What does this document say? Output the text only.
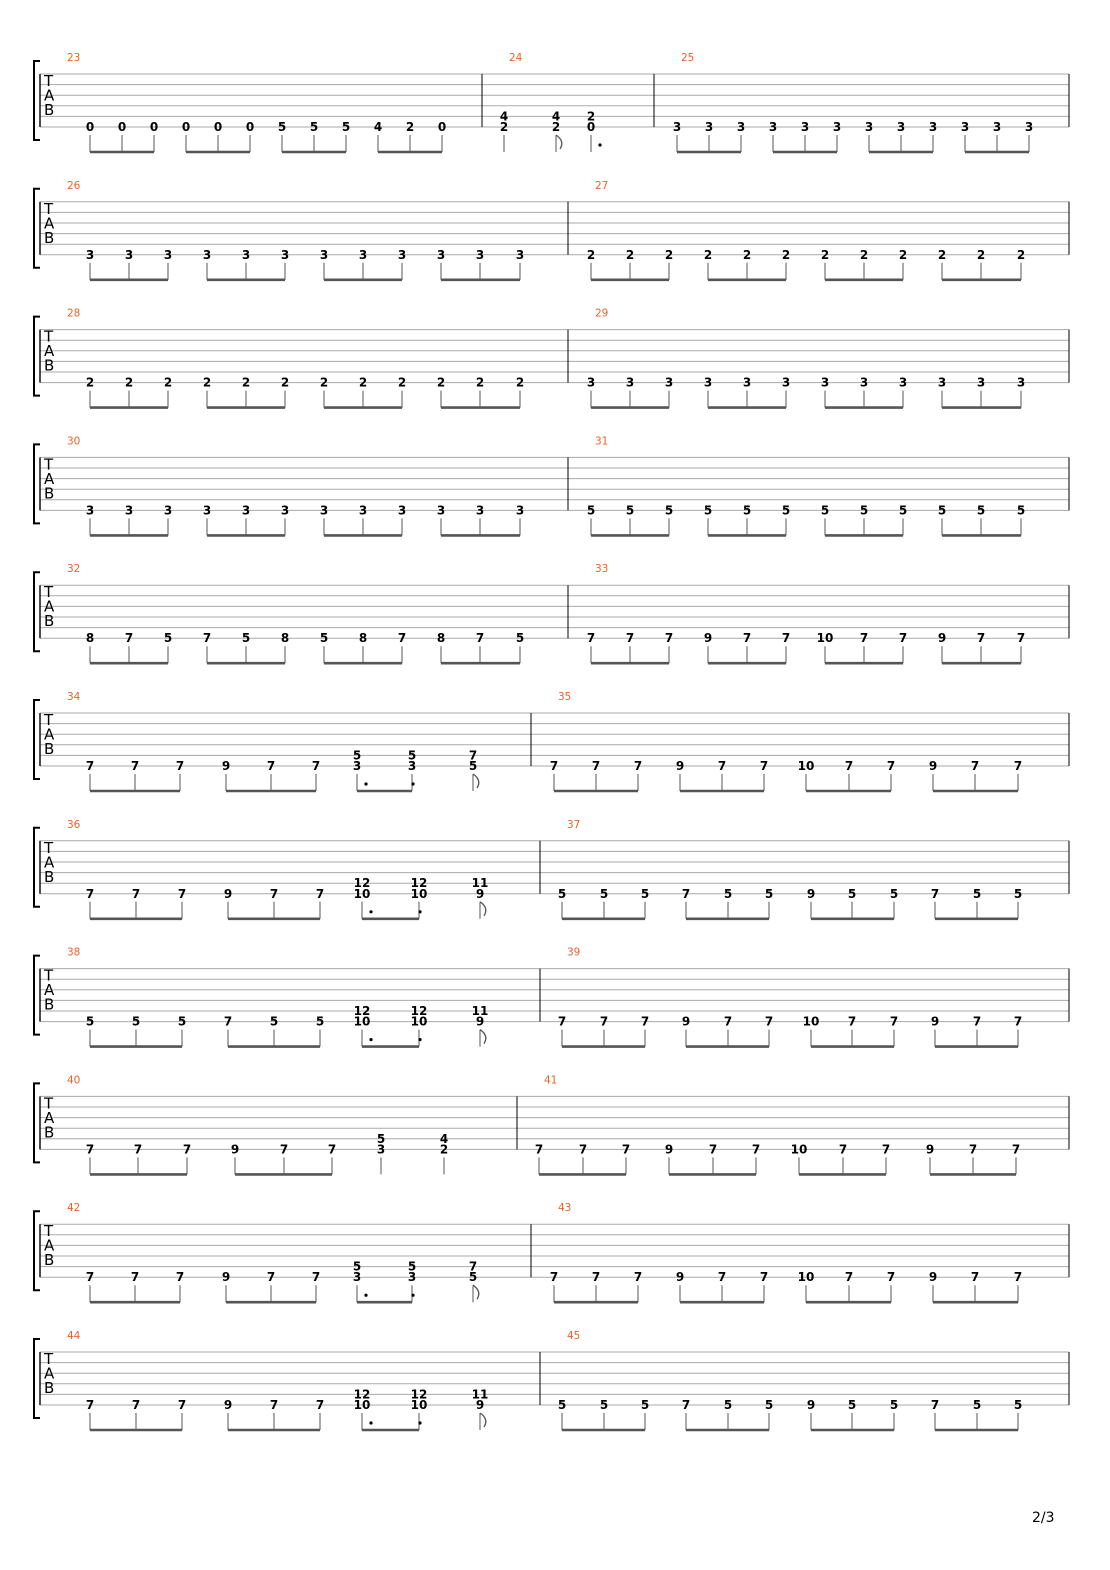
T
A
B
23
0 0 0 0 0 0 5 5 5 4 2 0
24
4
2
4
2
2
0
25
3 3 3 3 3 3 3 3 3 3 3 3
T
A
B
26
3	3	3	3	3	3	3	3	3	3	3	3
27
2	2	2	2	2	2	2	2	2	2	2	2
T
A
B
28
2	2	2	2	2	2	2	2	2	2	2	2
29
3	3	3	3	3	3	3	3	3	3	3	3
T
A
B
30
3	3	3	3	3	3	3	3	3	3	3	3
31
5	5	5	5	5	5	5	5	5	5	5	5
T
A
B
32
8	7	5	7	5	8	5	8	7	8	7	5
33
7	7	7	9	7	7 10 7	7	9	7	7
T
A
B
34
7	7	7	9	7	7
5
3
5
3
7
5
35
7	7	7	9	7	7 10	7	7	9	7	7
T
A
B
36
7	7	7	9	7	7
12
10
12
10
11
9
37
5	5	5	7	5	5	9	5	5	7	5	5
T
A
B
38
5	5	5	7	5	5
12
10
12
10
11
9
39
7	7	7	9	7	7 10 7	7	9	7	7
T
A
B
40
7	7	7	9	7	7
5
3
4
2
41
7	7	7	9	7	7	10	7	7	9	7	7
T
A
B
42
7	7	7	9	7	7
5
3
5
3
7
5
43
7	7	7	9	7	7 10	7	7	9	7	7
T
A
B
44
7	7	7	9	7	7
12
10
12
10
11
9
45
5	5	5	7	5	5	9	5	5	7	5	5
2/3
